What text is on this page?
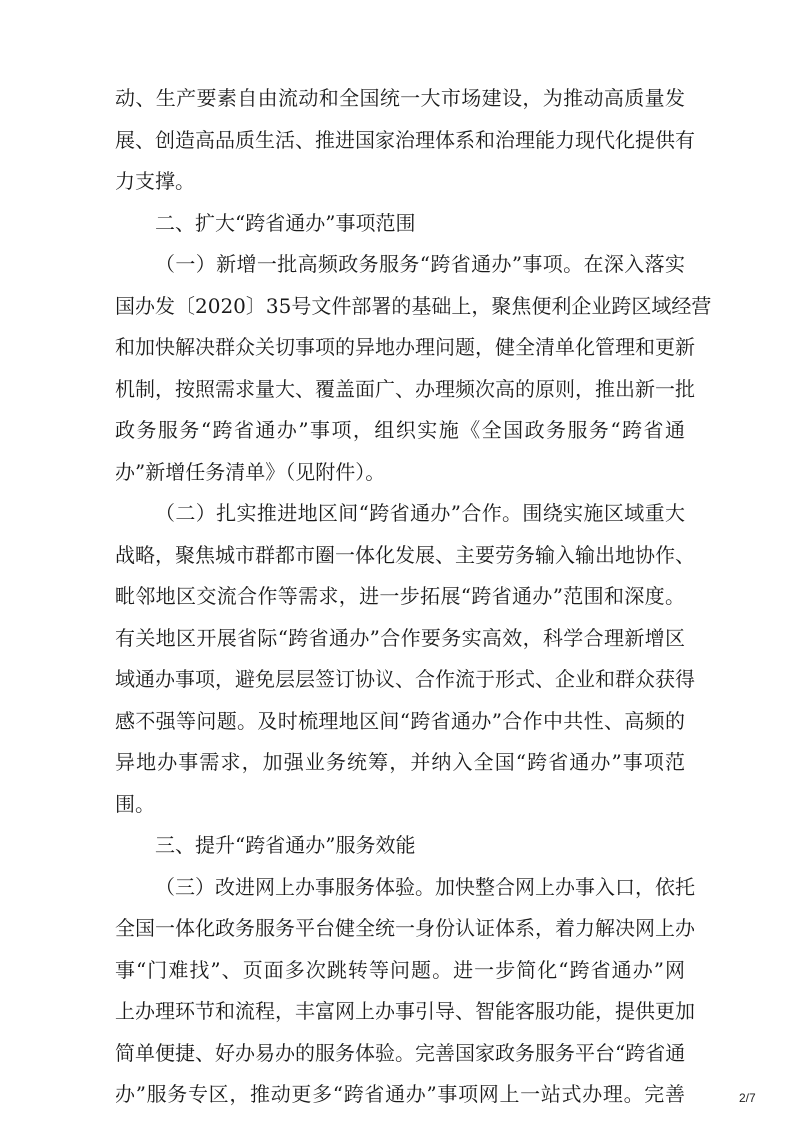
动、生产要素自由流动和全国统一大市场建设，为推动高质量发
展、创造高品质生活、推进国家治理体系和治理能力现代化提供有
力支撑。
二、扩大“跨省通办”事项范围
（一）新增一批高频政务服务“跨省通办”事项。在深入落实
国办发〔2020〕35号文件部署的基础上，聚焦便利企业跨区域经营
和加快解决群众关切事项的异地办理问题，健全清单化管理和更新
机制，按照需求量大、覆盖面广、办理频次高的原则，推出新一批
政务服务“跨省通办”事项，组织实施《全国政务服务“跨省通
办”新增任务清单》（见附件）。
（二）扎实推进地区间“跨省通办”合作。围绕实施区域重大
战略，聚焦城市群都市圈一体化发展、主要劳务输入输出地协作、
毗邻地区交流合作等需求，进一步拓展“跨省通办”范围和深度。
有关地区开展省际“跨省通办”合作要务实高效，科学合理新增区
域通办事项，避免层层签订协议、合作流于形式、企业和群众获得
感不强等问题。及时梳理地区间“跨省通办”合作中共性、高频的
异地办事需求，加强业务统筹，并纳入全国“跨省通办”事项范
围。
三、提升“跨省通办”服务效能
（三）改进网上办事服务体验。加快整合网上办事入口，依托
全国一体化政务服务平台健全统一身份认证体系，着力解决网上办
事“门难找”、页面多次跳转等问题。进一步简化“跨省通办”网
上办理环节和流程，丰富网上办事引导、智能客服功能，提供更加
简单便捷、好办易办的服务体验。完善国家政务服务平台“跨省通
办”服务专区，推动更多“跨省通办”事项网上一站式办理。完善	2/7
